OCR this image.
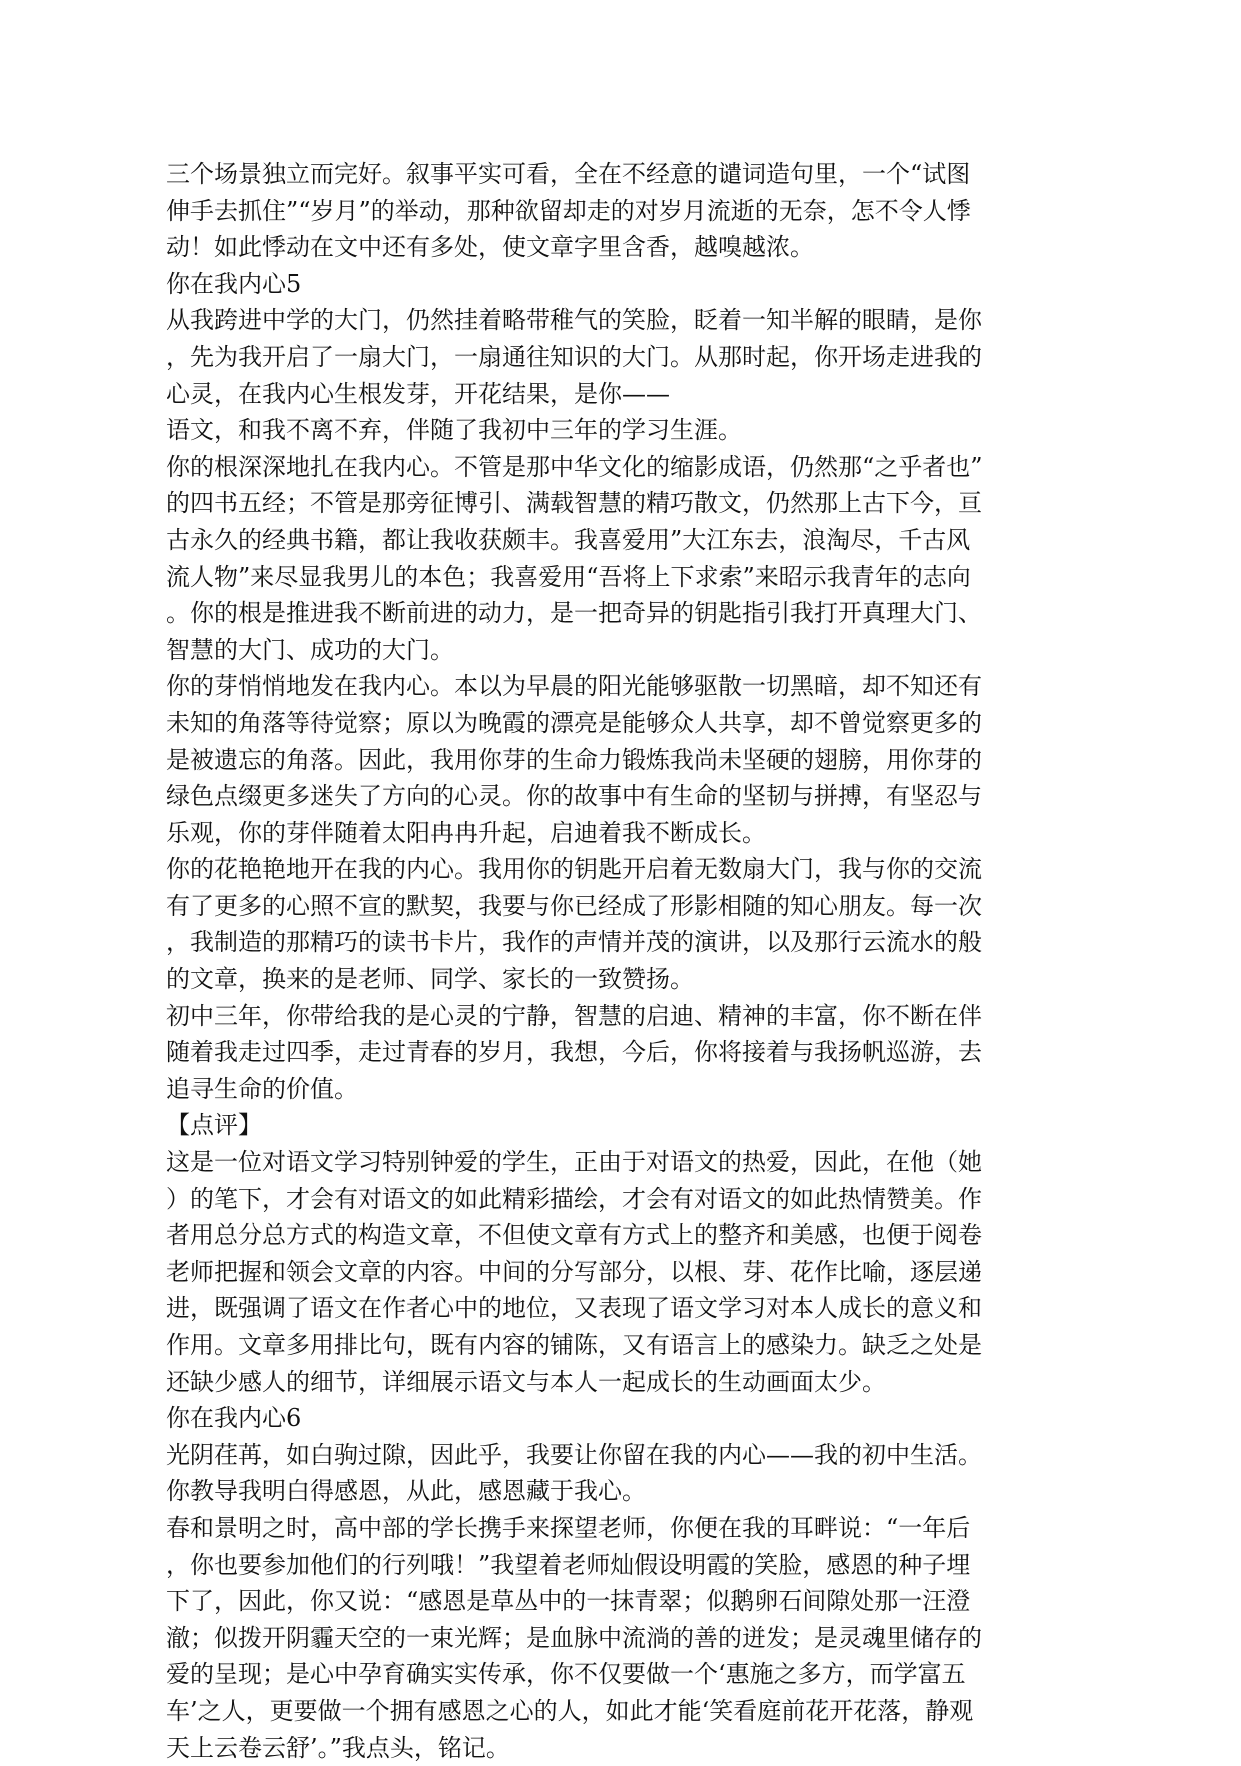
三个场景独立而完好。叙事平实可看，全在不经意的谴词造句里，一个“试图
伸手去抓住”“岁月”的举动，那种欲留却走的对岁月流逝的无奈，怎不令人悸
动！如此悸动在文中还有多处，使文章字里含香，越嗅越浓。
你在我内心5
从我跨进中学的大门，仍然挂着略带稚气的笑脸，眨着一知半解的眼睛，是你
，先为我开启了一扇大门，一扇通往知识的大门。从那时起，你开场走进我的
心灵，在我内心生根发芽，开花结果，是你——
语文，和我不离不弃，伴随了我初中三年的学习生涯。
你的根深深地扎在我内心。不管是那中华文化的缩影成语，仍然那“之乎者也”
的四书五经；不管是那旁征博引、满载智慧的精巧散文，仍然那上古下今，亘
古永久的经典书籍，都让我收获颇丰。我喜爱用”大江东去，浪淘尽，千古风
流人物”来尽显我男儿的本色；我喜爱用“吾将上下求索”来昭示我青年的志向
。你的根是推进我不断前进的动力，是一把奇异的钥匙指引我打开真理大门、
智慧的大门、成功的大门。
你的芽悄悄地发在我内心。本以为早晨的阳光能够驱散一切黑暗，却不知还有
未知的角落等待觉察；原以为晚霞的漂亮是能够众人共享，却不曾觉察更多的
是被遗忘的角落。因此，我用你芽的生命力锻炼我尚未坚硬的翅膀，用你芽的
绿色点缀更多迷失了方向的心灵。你的故事中有生命的坚韧与拼搏，有坚忍与
乐观，你的芽伴随着太阳冉冉升起，启迪着我不断成长。
你的花艳艳地开在我的内心。我用你的钥匙开启着无数扇大门，我与你的交流
有了更多的心照不宣的默契，我要与你已经成了形影相随的知心朋友。每一次
，我制造的那精巧的读书卡片，我作的声情并茂的演讲，以及那行云流水的般
的文章，换来的是老师、同学、家长的一致赞扬。
初中三年，你带给我的是心灵的宁静，智慧的启迪、精神的丰富，你不断在伴
随着我走过四季，走过青春的岁月，我想，今后，你将接着与我扬帆巡游，去
追寻生命的价值。
【点评】
这是一位对语文学习特别钟爱的学生，正由于对语文的热爱，因此，在他（她
）的笔下，才会有对语文的如此精彩描绘，才会有对语文的如此热情赞美。作
者用总分总方式的构造文章，不但使文章有方式上的整齐和美感，也便于阅卷
老师把握和领会文章的内容。中间的分写部分，以根、芽、花作比喻，逐层递
进，既强调了语文在作者心中的地位，又表现了语文学习对本人成长的意义和
作用。文章多用排比句，既有内容的铺陈，又有语言上的感染力。缺乏之处是
还缺少感人的细节，详细展示语文与本人一起成长的生动画面太少。
你在我内心6
光阴荏苒，如白驹过隙，因此乎，我要让你留在我的内心——我的初中生活。
你教导我明白得感恩，从此，感恩藏于我心。
春和景明之时，高中部的学长携手来探望老师，你便在我的耳畔说：“一年后
，你也要参加他们的行列哦！”我望着老师灿假设明霞的笑脸，感恩的种子埋
下了，因此，你又说：“感恩是草丛中的一抹青翠；似鹅卵石间隙处那一汪澄
澈；似拨开阴霾天空的一束光辉；是血脉中流淌的善的迸发；是灵魂里储存的
爱的呈现；是心中孕育确实实传承，你不仅要做一个‘惠施之多方，而学富五
车’之人，更要做一个拥有感恩之心的人，如此才能‘笑看庭前花开花落，静观
天上云卷云舒’。”我点头，铭记。
